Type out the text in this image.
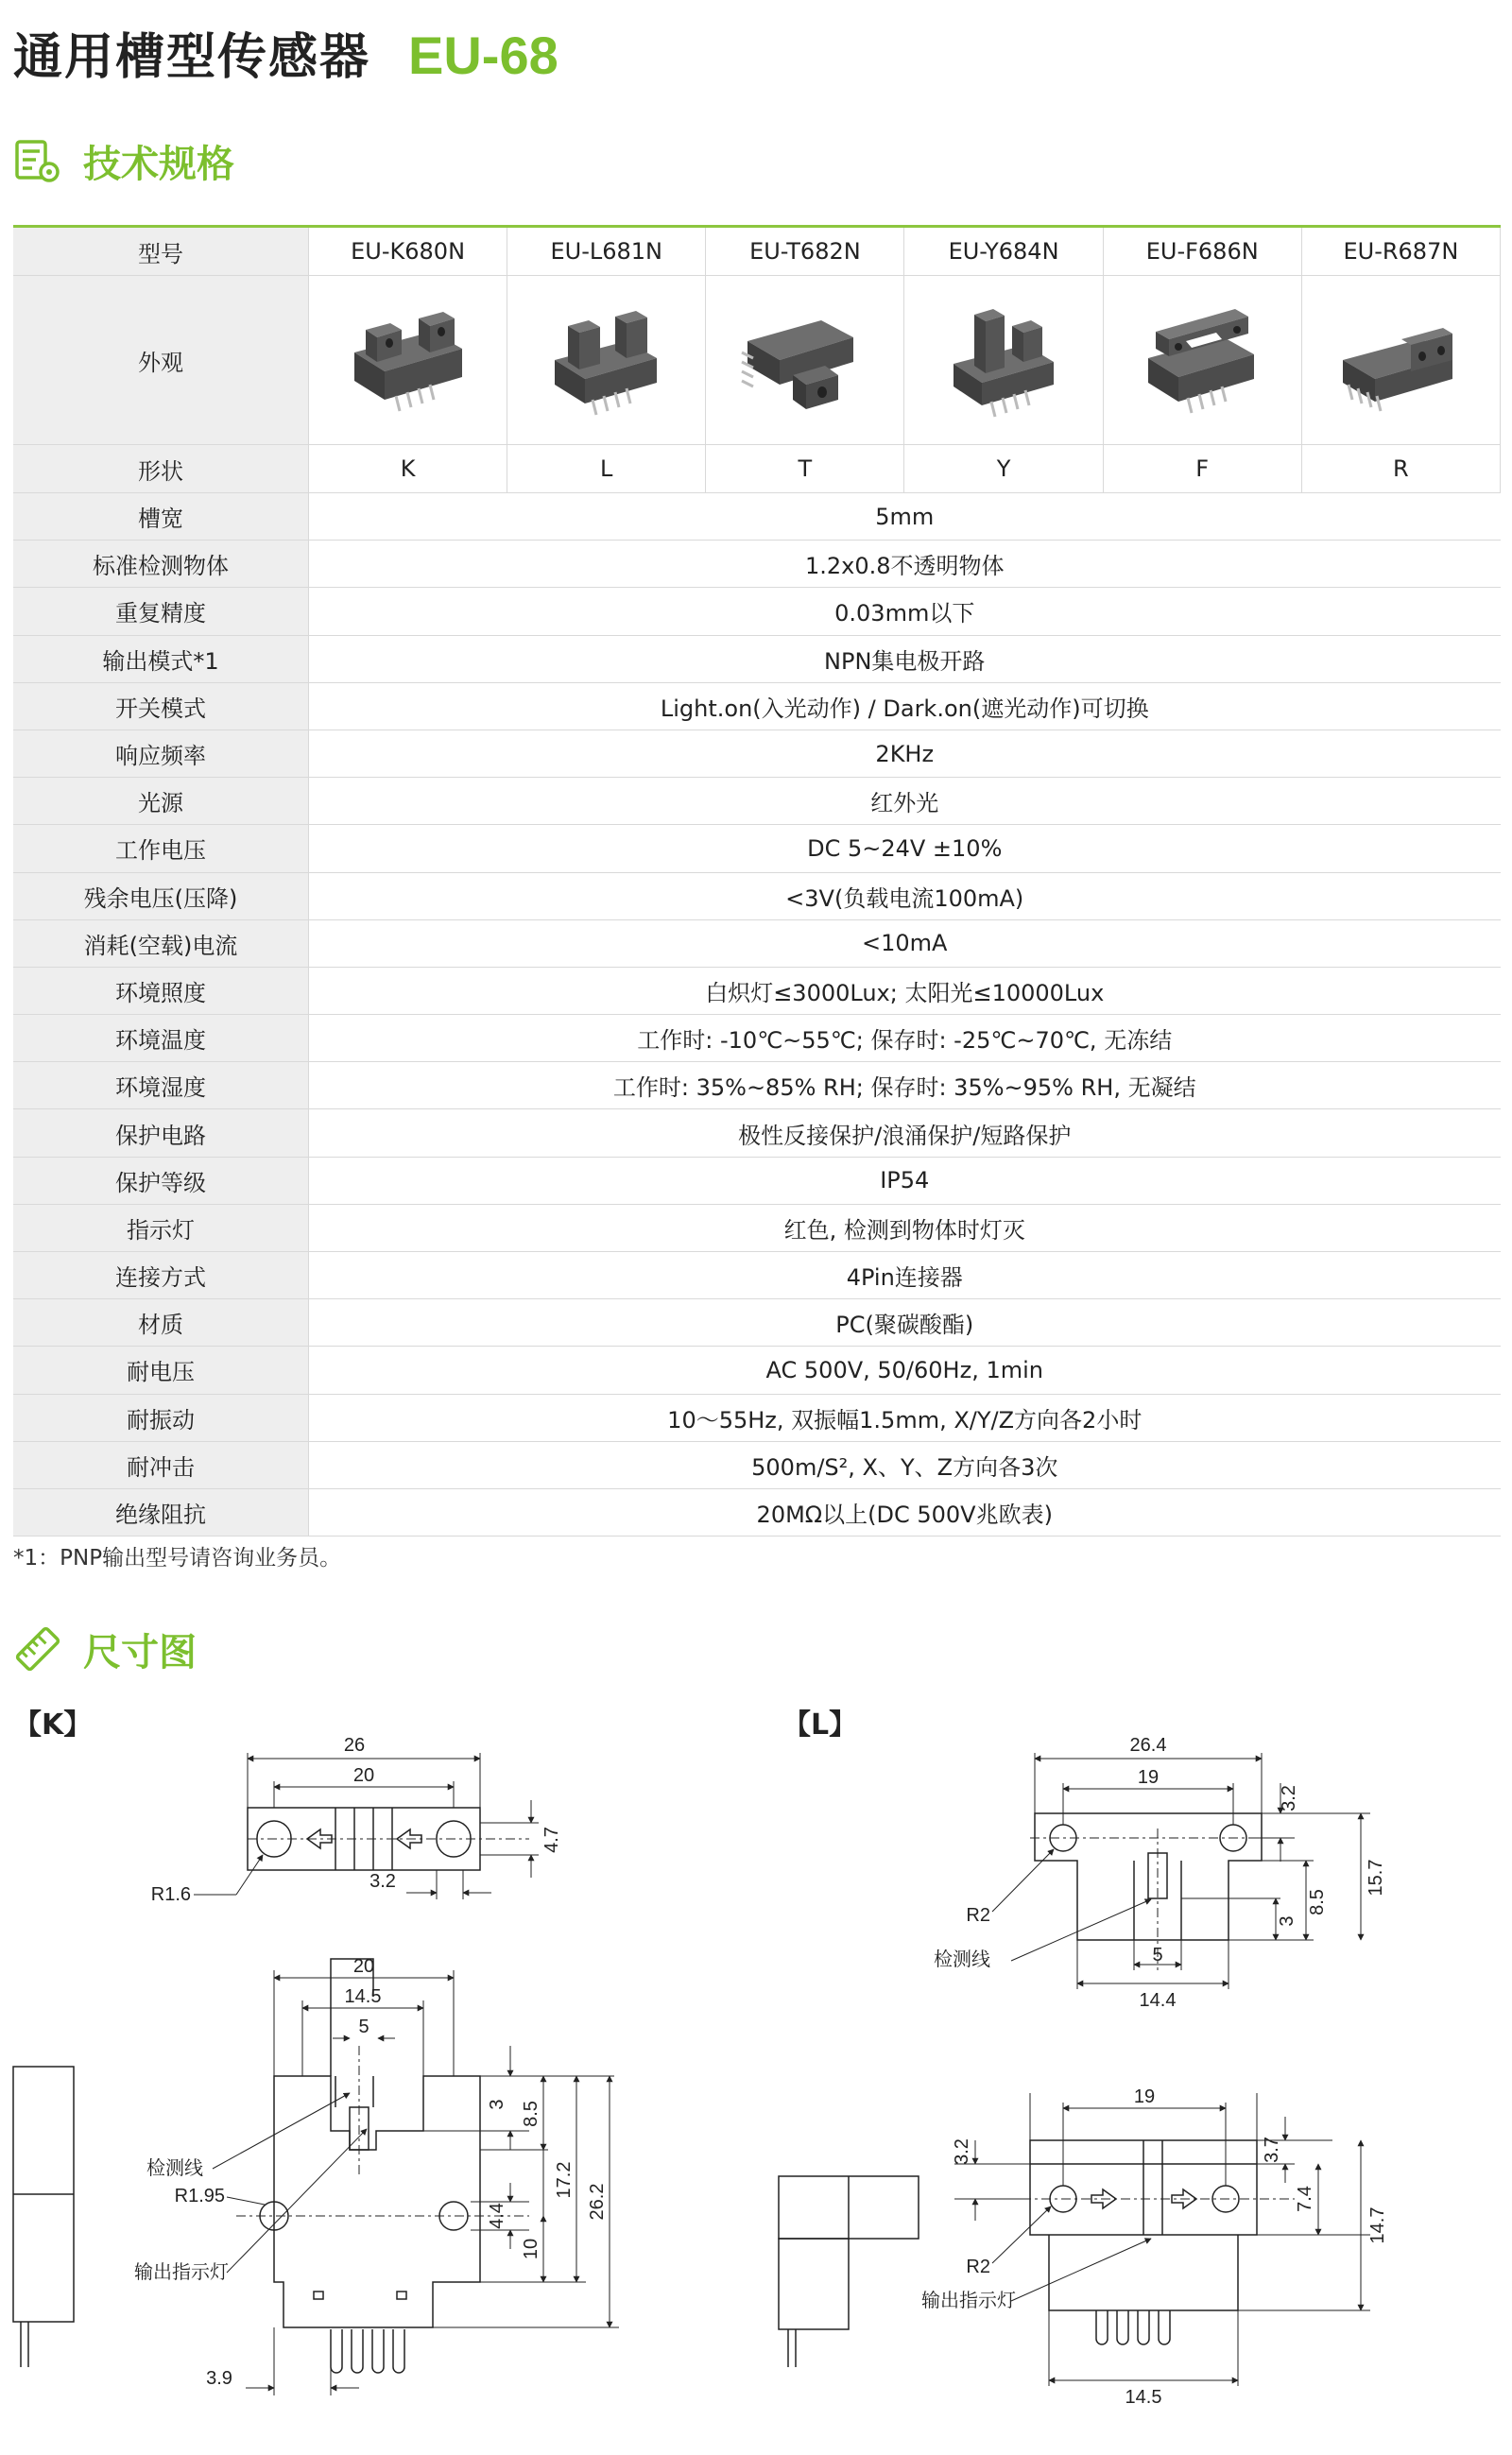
通用槽型传感器 EU-68
技术规格
型号	EU-K680N	EU-L681N	EU-T682N	EU-Y684N	EU-F686N	EU-R687N
外观	

形状	K	L	T	Y	F	R
槽宽	5mm					
标准检测物体	1.2x0.8不透明物体					
重复精度	0.03mm以下					
输出模式*1	NPN集电极开路					
开关模式	Light.on(入光动作) / Dark.on(遮光动作)可切换					
响应频率	2KHz					
光源	红外光					
工作电压	DC 5~24V ±10%					
残余电压(压降)	<3V(负载电流100mA)					
消耗(空载)电流	<10mA					
环境照度	白炽灯≤3000Lux; 太阳光≤10000Lux					
环境温度	工作时: -10℃~55℃; 保存时: -25℃~70℃, 无冻结					
环境湿度	工作时: 35%~85% RH; 保存时: 35%~95% RH, 无凝结					
保护电路	极性反接保护/浪涌保护/短路保护					
保护等级	IP54					
指示灯	红色, 检测到物体时灯灭					
连接方式	4Pin连接器					
材质	PC(聚碳酸酯)					
耐电压	AC 500V, 50/60Hz, 1min					
耐振动	10～55Hz, 双振幅1.5mm, X/Y/Z方向各2小时					
耐冲击	500m/S², X、Y、Z方向各3次					
绝缘阻抗	20MΩ以上(DC 500V兆欧表)					
*1：PNP输出型号请咨询业务员。
尺寸图
【K】	【L】
26
20
4.7
R1.6
3.2
20
14.5
5
3 8.5
17.2
26.2
4.4
10
R1.95
3.9
检测线
输出指示灯
26.4
19
3.2
15.7
8.5
3
5
14.4
R2
19
3.2	3.7
7.4
14.7
R2
14.5
检测线
输出指示灯
